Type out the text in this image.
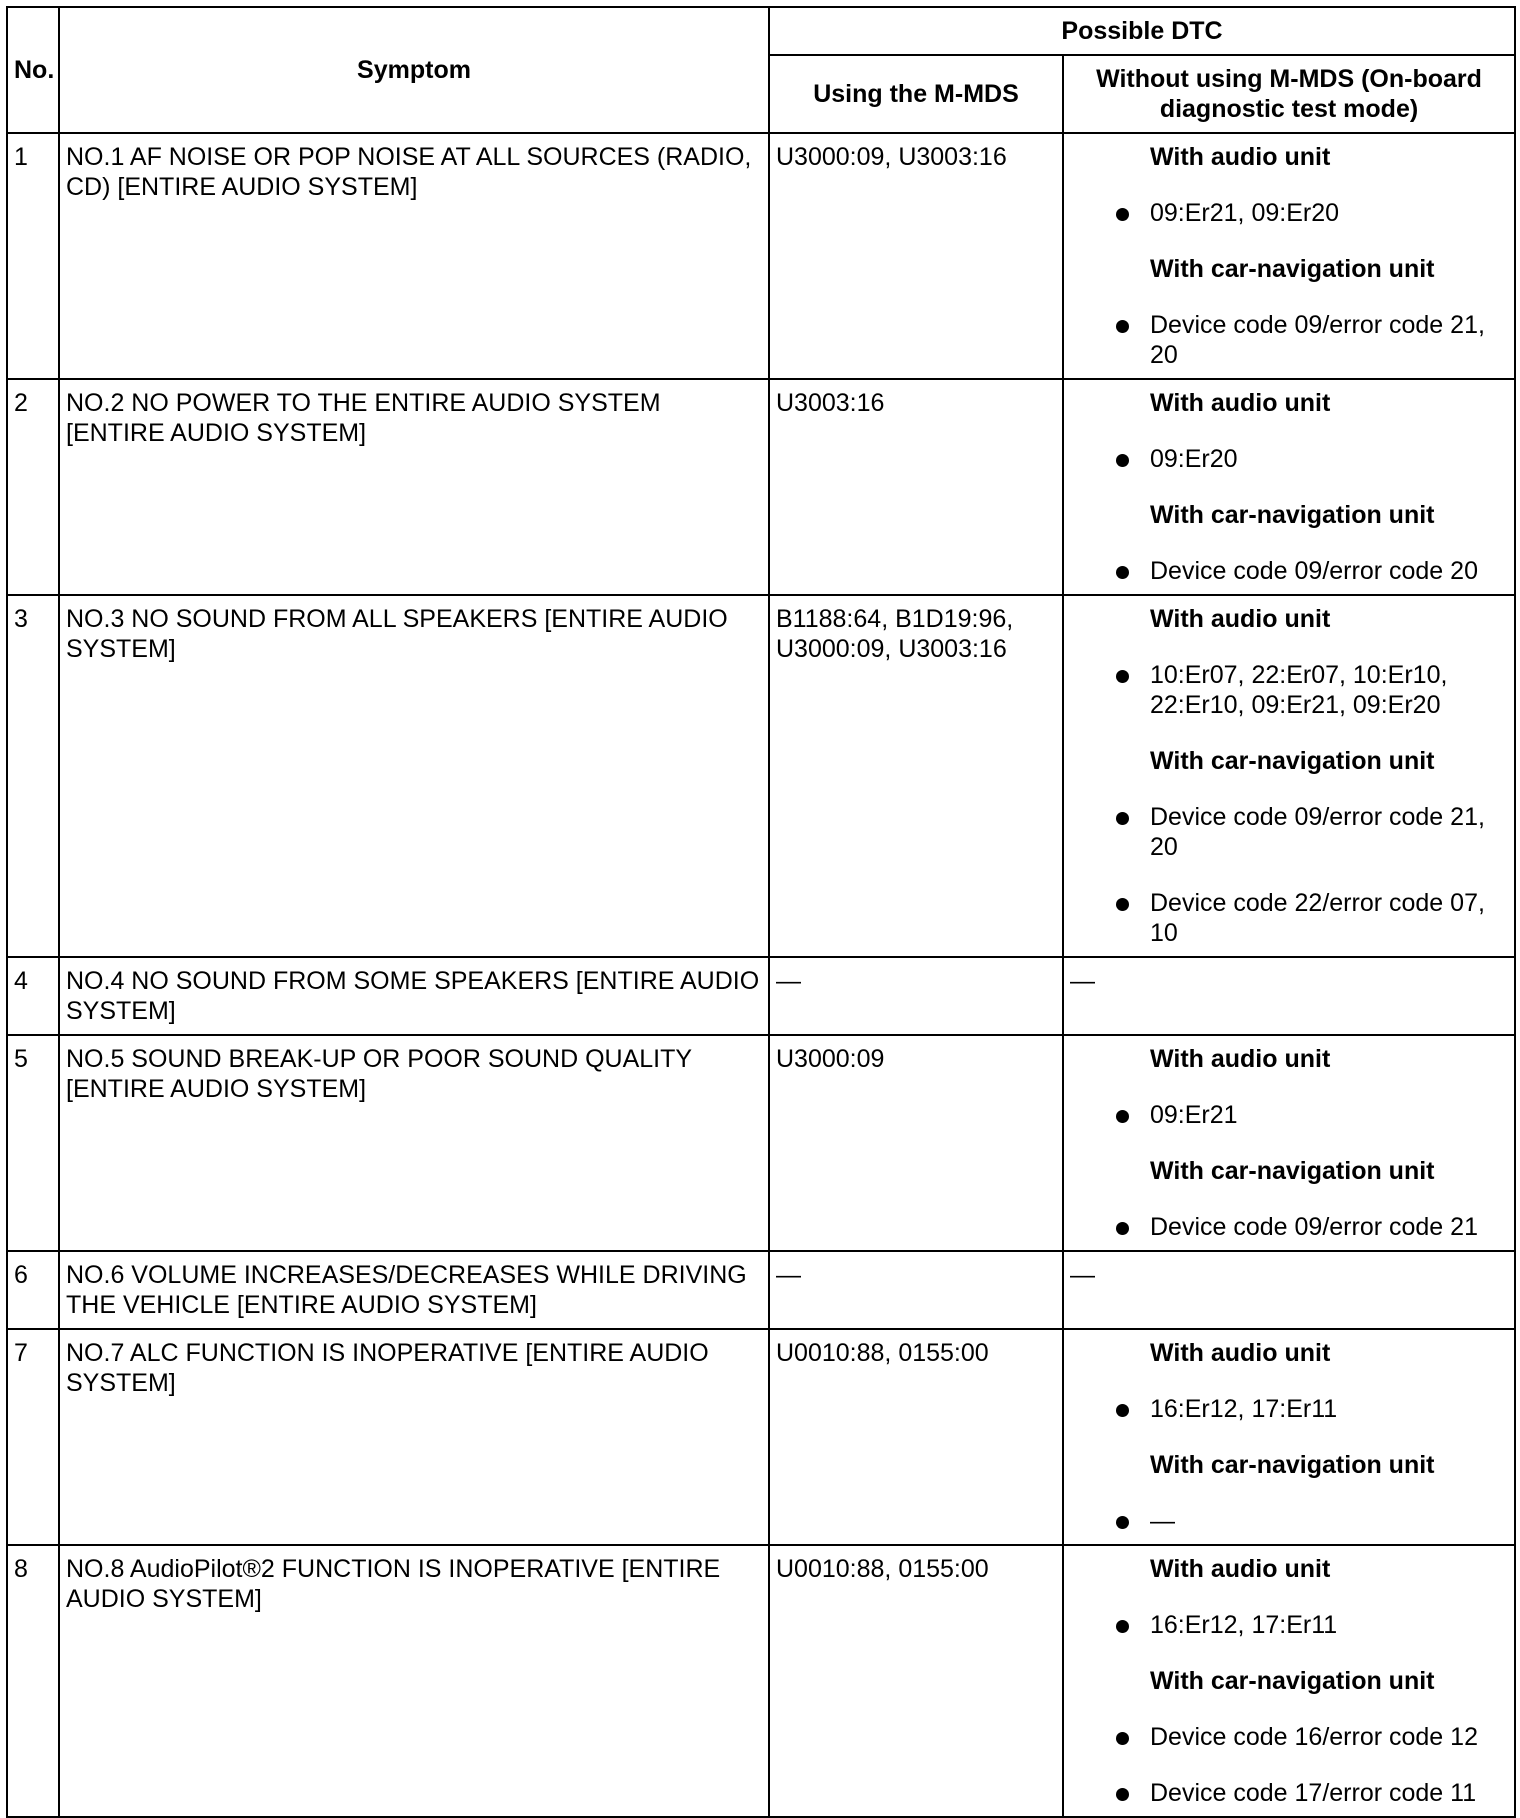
No.	Symptom	Possible DTC	
		Using the M-MDS	Without using M-MDS (On-board diagnostic test mode)
1	NO.1 AF NOISE OR POP NOISE AT ALL SOURCES (RADIO, CD) [ENTIRE AUDIO SYSTEM]	U3000:09, U3003:16	With audio unit
09:Er21, 09:Er20
With car-navigation unit
Device code 09/error code 21, 20

2	NO.2 NO POWER TO THE ENTIRE AUDIO SYSTEM [ENTIRE AUDIO SYSTEM]	U3003:16	With audio unit
09:Er20
With car-navigation unit
Device code 09/error code 20

3	NO.3 NO SOUND FROM ALL SPEAKERS [ENTIRE AUDIO SYSTEM]	B1188:64, B1D19:96, U3000:09, U3003:16	With audio unit
10:Er07, 22:Er07, 10:Er10, 22:Er10, 09:Er21, 09:Er20
With car-navigation unit
Device code 09/error code 21, 20
Device code 22/error code 07, 10

4	NO.4 NO SOUND FROM SOME SPEAKERS [ENTIRE AUDIO SYSTEM]	—	—
5	NO.5 SOUND BREAK-UP OR POOR SOUND QUALITY [ENTIRE AUDIO SYSTEM]	U3000:09	With audio unit
09:Er21
With car-navigation unit
Device code 09/error code 21

6	NO.6 VOLUME INCREASES/DECREASES WHILE DRIVING THE VEHICLE [ENTIRE AUDIO SYSTEM]	—	—
7	NO.7 ALC FUNCTION IS INOPERATIVE [ENTIRE AUDIO SYSTEM]	U0010:88, 0155:00	With audio unit
16:Er12, 17:Er11
With car-navigation unit
—

8	NO.8 AudioPilot®2 FUNCTION IS INOPERATIVE [ENTIRE AUDIO SYSTEM]	U0010:88, 0155:00	With audio unit
16:Er12, 17:Er11
With car-navigation unit
Device code 16/error code 12
Device code 17/error code 11
